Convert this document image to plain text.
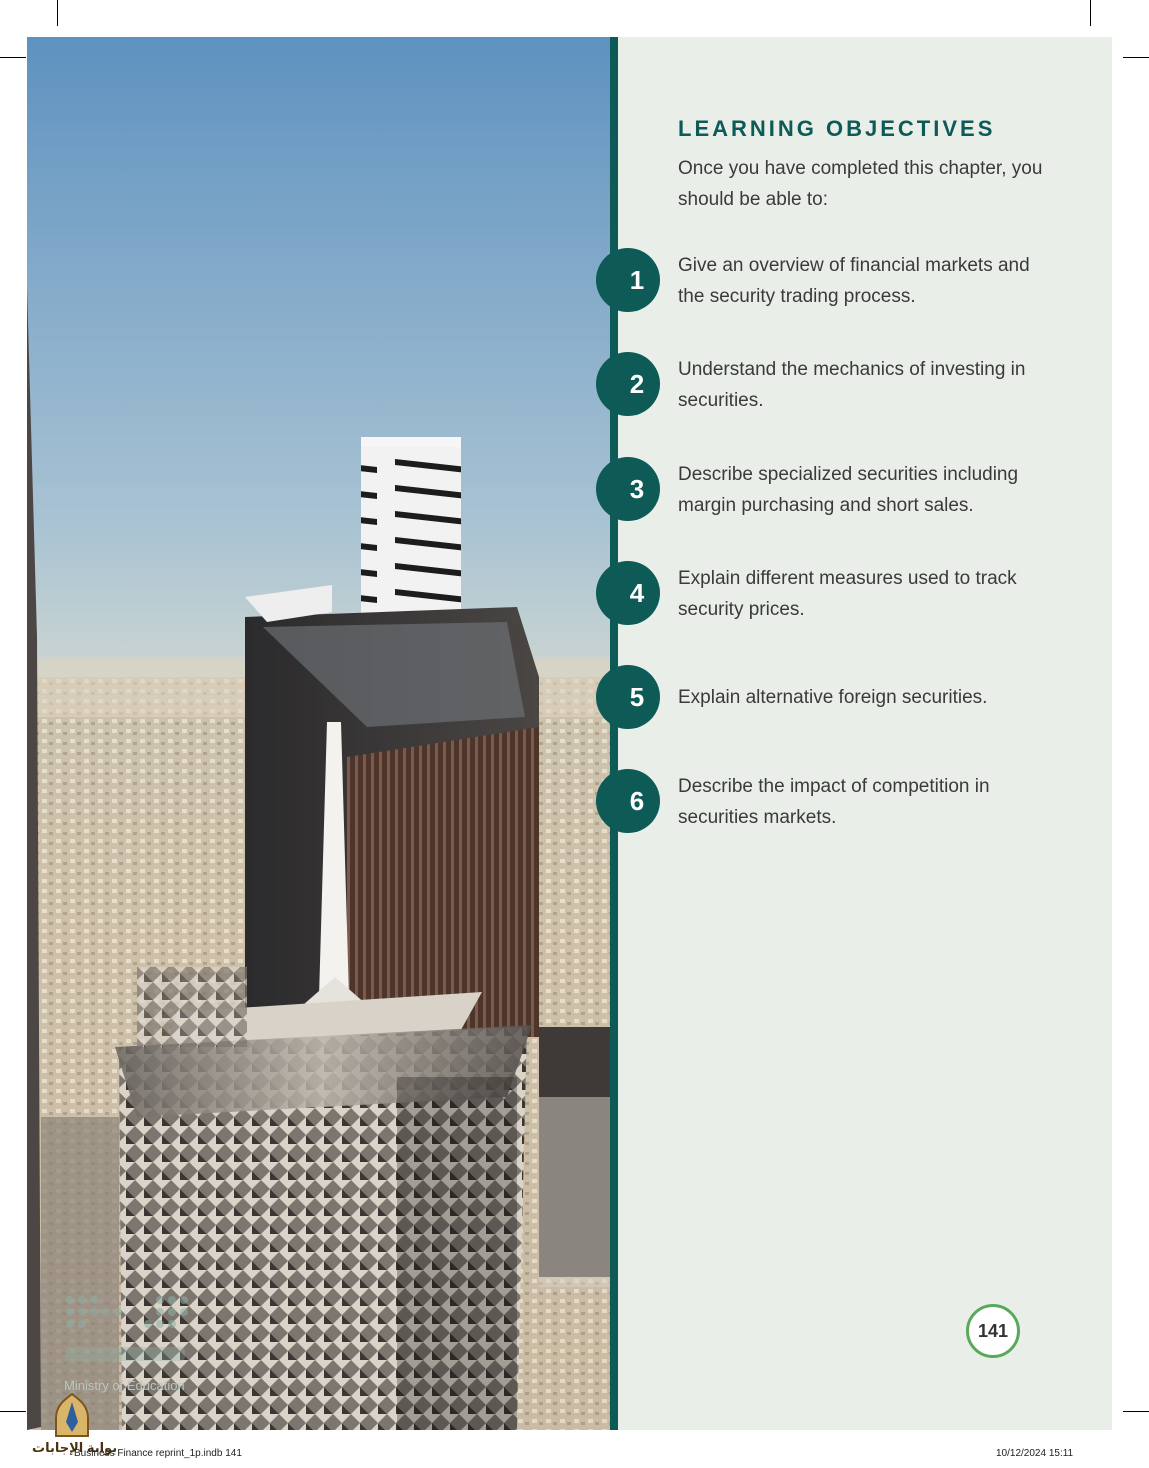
Ministry of Education
LEARNING OBJECTIVES
Once you have completed this chapter, you should be able to:
1 Give an overview of financial markets and the security trading process.
2 Understand the mechanics of investing in securities.
3 Describe specialized securities including margin purchasing and short sales.
4 Explain different measures used to track security prices.
5 Explain alternative foreign securities.
6 Describe the impact of competition in securities markets.
141
بوابة الإجابات
Business Finance reprint_1p.indb 141	10/12/2024 15:11
